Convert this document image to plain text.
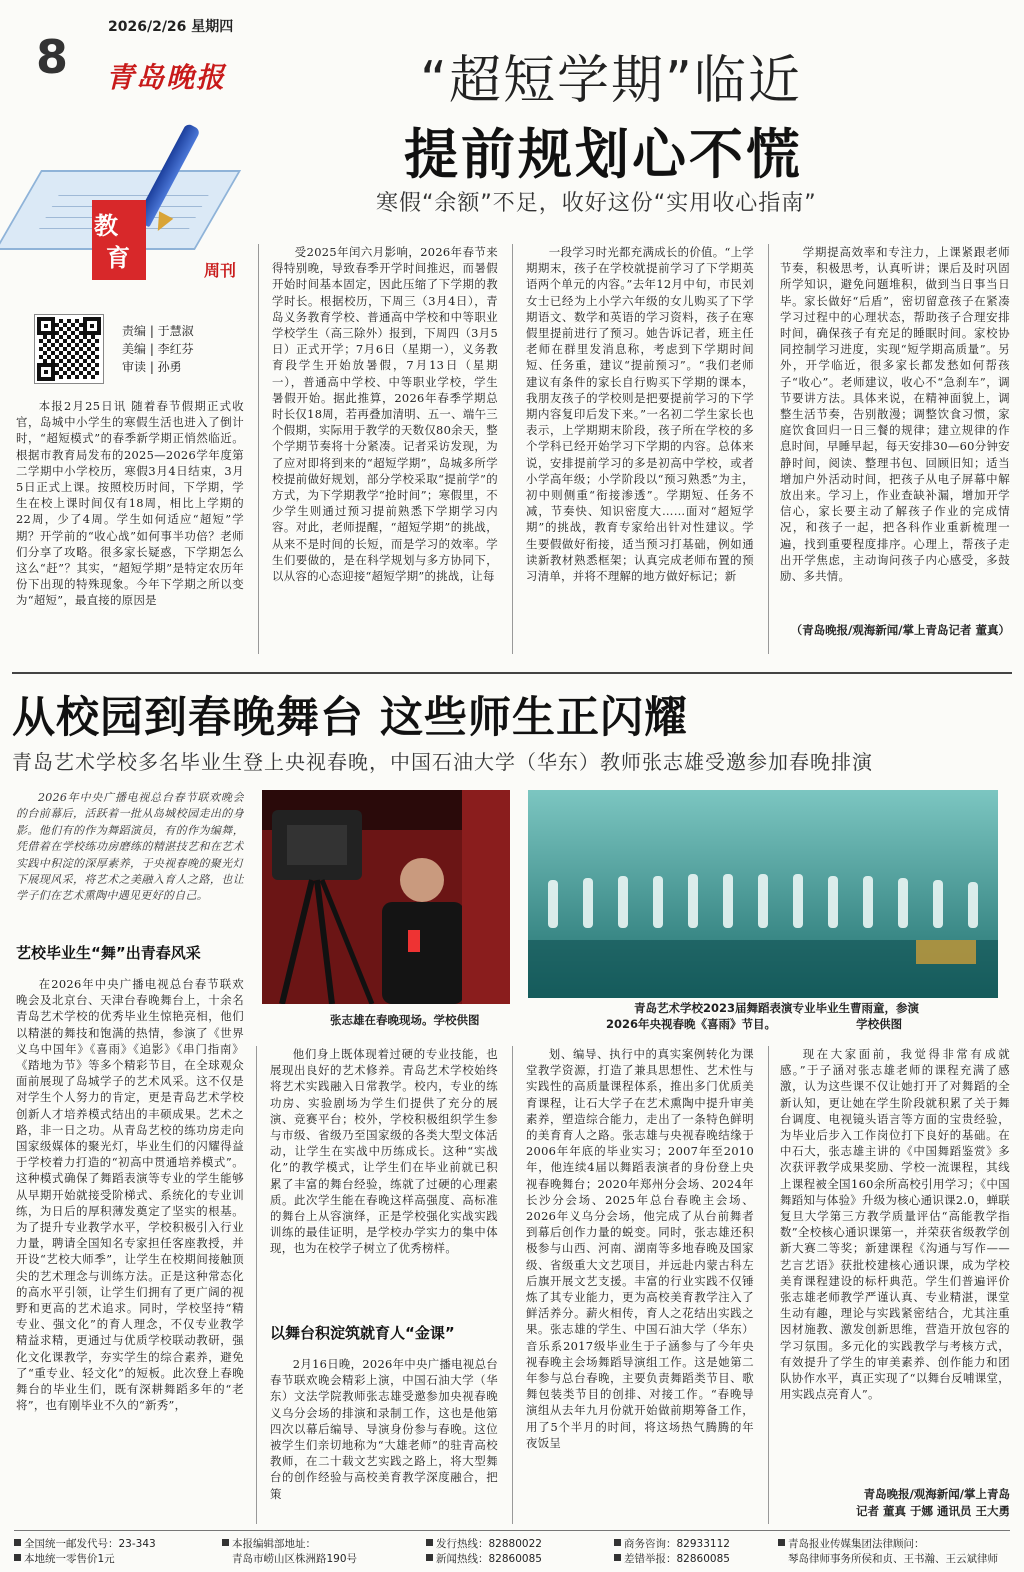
8
2026/2/26 星期四
青岛晚报
教
育	周刊
责编 | 于慧淑
美编 | 李红芬
审读 | 孙勇
“超短学期”临近
提前规划心不慌
寒假“余额”不足，收好这份“实用收心指南”

本报2月25日讯 随着春节假期正式收官，岛城中小学生的寒假生活也进入了倒计时，“超短模式”的春季新学期正悄然临近。根据市教育局发布的2025—2026学年度第二学期中小学校历，寒假3月4日结束，3月5日正式上课。按照校历时间，下学期，学生在校上课时间仅有18周，相比上学期的22周，少了4周。学生如何适应“超短”学期？开学前的“收心战”如何事半功倍？老师们分享了攻略。很多家长疑惑，下学期怎么这么“赶”？其实，“超短学期”是特定农历年份下出现的特殊现象。今年下学期之所以变为“超短”，最直接的原因是

受2025年闰六月影响，2026年春节来得特别晚，导致春季开学时间推迟，而暑假开始时间基本固定，因此压缩了下学期的教学时长。根据校历，下周三（3月4日），青岛义务教育学校、普通高中学校和中等职业学校学生（高三除外）报到，下周四（3月5日）正式开学；7月6日（星期一），义务教育段学生开始放暑假，7月13日（星期一），普通高中学校、中等职业学校，学生暑假开始。据此推算，2026年春季学期总时长仅18周，若再叠加清明、五一、端午三个假期，实际用于教学的天数仅80余天，整个学期节奏将十分紧凑。记者采访发现，为了应对即将到来的“超短学期”，岛城多所学校提前做好规划，部分学校采取“提前学”的方式，为下学期教学“抢时间”；寒假里，不少学生则通过预习提前熟悉下学期学习内容。对此，老师提醒，“超短学期”的挑战，从来不是时间的长短，而是学习的效率。学生们要做的，是在科学规划与多方协同下，以从容的心态迎接“超短学期”的挑战，让每

一段学习时光都充满成长的价值。“上学期期末，孩子在学校就提前学习了下学期英语两个单元的内容。”去年12月中旬，市民刘女士已经为上小学六年级的女儿购买了下学期语文、数学和英语的学习资料，孩子在寒假里提前进行了预习。她告诉记者，班主任老师在群里发消息称，考虑到下学期时间短、任务重，建议“提前预习”。“我们老师建议有条件的家长自行购买下学期的课本，我朋友孩子的学校则是把要提前学习的下学期内容复印后发下来。”一名初二学生家长也表示，上学期期末阶段，孩子所在学校的多个学科已经开始学习下学期的内容。总体来说，安排提前学习的多是初高中学校，或者小学高年级；小学阶段以“预习熟悉”为主，初中则侧重“衔接渗透”。学期短、任务不减，节奏快、知识密度大……面对“超短学期”的挑战，教育专家给出针对性建议。学生要假做好衔接，适当预习打基础，例如通读新教材熟悉框架；认真完成老师布置的预习清单，并将不理解的地方做好标记；新

学期提高效率和专注力，上课紧跟老师节奏，积极思考，认真听讲；课后及时巩固所学知识，避免问题堆积，做到当日事当日毕。家长做好“后盾”，密切留意孩子在紧凑学习过程中的心理状态，帮助孩子合理安排时间，确保孩子有充足的睡眠时间。家校协同控制学习进度，实现“短学期高质量”。另外，开学临近，很多家长都发愁如何帮孩子“收心”。老师建议，收心不“急刹车”，调节要讲方法。具体来说，在精神面貌上，调整生活节奏，告别散漫；调整饮食习惯，家庭饮食回归一日三餐的规律；建立规律的作息时间，早睡早起，每天安排30—60分钟安静时间，阅读、整理书包、回顾旧知；适当增加户外活动时间，把孩子从电子屏幕中解放出来。学习上，作业查缺补漏，增加开学信心，家长要主动了解孩子作业的完成情况，和孩子一起，把各科作业重新梳理一遍，找到重要程度排序。心理上，帮孩子走出开学焦虑，主动询问孩子内心感受，多鼓励、多共情。

（青岛晚报/观海新闻/掌上青岛记者 董真）
从校园到春晚舞台 这些师生正闪耀
青岛艺术学校多名毕业生登上央视春晚，中国石油大学（华东）教师张志雄受邀参加春晚排演

2026年中央广播电视总台春节联欢晚会的台前幕后，活跃着一批从岛城校园走出的身影。他们有的作为舞蹈演员，有的作为编舞，凭借着在学校练功房磨练的精湛技艺和在艺术实践中积淀的深厚素养，于央视春晚的聚光灯下展现风采，将艺术之美融入育人之路，也让学子们在艺术熏陶中遇见更好的自己。

艺校毕业生“舞”出青春风采

在2026年中央广播电视总台春节联欢晚会及北京台、天津台春晚舞台上，十余名青岛艺术学校的优秀毕业生惊艳亮相，他们以精湛的舞技和饱满的热情，参演了《世界义乌中国年》《喜雨》《追影》《串门指南》《踏地为节》等多个精彩节目，在全球观众面前展现了岛城学子的艺术风采。这不仅是对学生个人努力的肯定，更是青岛艺术学校创新人才培养模式结出的丰硕成果。艺术之路，非一日之功。从青岛艺校的练功房走向国家级媒体的聚光灯，毕业生们的闪耀得益于学校着力打造的“初高中贯通培养模式”。这种模式确保了舞蹈表演等专业的学生能够从早期开始就接受阶梯式、系统化的专业训练，为日后的厚积薄发奠定了坚实的根基。为了提升专业教学水平，学校积极引入行业力量，聘请全国知名专家担任客座教授，并开设“艺校大师季”，让学生在校期间接触顶尖的艺术理念与训练方法。正是这种常态化的高水平引领，让学生们拥有了更广阔的视野和更高的艺术追求。同时，学校坚持“精专业、强文化”的育人理念，不仅专业教学精益求精，更通过与优质学校联动教研，强化文化课教学，夯实学生的综合素养，避免了“重专业、轻文化”的短板。此次登上春晚舞台的毕业生们，既有深耕舞蹈多年的“老将”，也有刚毕业不久的“新秀”，

张志雄在春晚现场。学校供图
青岛艺术学校2023届舞蹈表演专业毕业生曹雨童，参演
2026年央视春晚《喜雨》节目。                    学校供图

他们身上既体现着过硬的专业技能，也展现出良好的艺术修养。青岛艺术学校始终将艺术实践融入日常教学。校内，专业的练功房、实验剧场为学生们提供了充分的展演、竞赛平台；校外，学校积极组织学生参与市级、省级乃至国家级的各类大型文体活动，让学生在实战中历练成长。这种“实战化”的教学模式，让学生们在毕业前就已积累了丰富的舞台经验，练就了过硬的心理素质。此次学生能在春晚这样高强度、高标准的舞台上从容演绎，正是学校强化实战实践训练的最佳证明，是学校办学实力的集中体现，也为在校学子树立了优秀榜样。

以舞台积淀筑就育人“金课”

2月16日晚，2026年中央广播电视总台春节联欢晚会精彩上演，中国石油大学（华东）文法学院教师张志雄受邀参加央视春晚义乌分会场的排演和录制工作，这也是他第四次以幕后编导、导演身份参与春晚。这位被学生们亲切地称为“大雄老师”的驻青高校教师，在二十载文艺实践之路上，将大型舞台的创作经验与高校美育教学深度融合，把策

划、编导、执行中的真实案例转化为课堂教学资源，打造了兼具思想性、艺术性与实践性的高质量课程体系，推出多门优质美育课程，让石大学子在艺术熏陶中提升审美素养，塑造综合能力，走出了一条特色鲜明的美育育人之路。张志雄与央视春晚结缘于2006年年底的毕业实习；2007年至2010年，他连续4届以舞蹈表演者的身份登上央视春晚舞台；2020年郑州分会场、2024年长沙分会场、2025年总台春晚主会场、2026年义乌分会场，他完成了从台前舞者到幕后创作力量的蜕变。同时，张志雄还积极参与山西、河南、湖南等多地春晚及国家级、省级重大文艺项目，并远赴内蒙古科左后旗开展文艺支援。丰富的行业实践不仅锤炼了其专业能力，更为高校美育教学注入了鲜活养分。薪火相传，育人之花结出实践之果。张志雄的学生、中国石油大学（华东）音乐系2017级毕业生于子涵参与了今年央视春晚主会场舞蹈导演组工作。这是她第二年参与总台春晚，主要负责舞蹈类节目、歌舞包装类节目的创排、对接工作。“春晚导演组从去年九月份就开始做前期筹备工作，用了5个半月的时间，将这场热气腾腾的年夜饭呈

现在大家面前，我觉得非常有成就感。”于子涵对张志雄老师的课程充满了感激，认为这些课不仅让她打开了对舞蹈的全新认知，更让她在学生阶段就积累了关于舞台调度、电视镜头语言等方面的宝贵经验，为毕业后步入工作岗位打下良好的基础。在中石大，张志雄主讲的《中国舞蹈鉴赏》多次获评教学成果奖励、学校一流课程，其线上课程被全国160余所高校引用学习；《中国舞蹈知与体验》升级为核心通识课2.0，蝉联复旦大学第三方教学质量评估“高能教学指数”全校核心通识课第一，并荣获省级教学创新大赛二等奖；新建课程《沟通与写作——艺言艺语》获批校建核心通识课，成为学校美育课程建设的标杆典范。学生们普遍评价张志雄老师教学严谨认真、专业精湛，课堂生动有趣，理论与实践紧密结合，尤其注重因材施教、激发创新思维，营造开放包容的学习氛围。多元化的实践教学与考核方式，有效提升了学生的审美素养、创作能力和团队协作水平，真正实现了“以舞台反哺课堂，用实践点亮育人”。

青岛晚报/观海新闻/掌上青岛
记者 董真 于娜 通讯员 王大勇
全国统一邮发代号：23-343
本地统一零售价1元
本报编辑部地址：
青岛市崂山区株洲路190号
发行热线：82880022
新闻热线：82860085
商务咨询：82933112
差错举报：82860085
青岛报业传媒集团法律顾问：
琴岛律师事务所侯和贞、王书瀚、王云斌律师
